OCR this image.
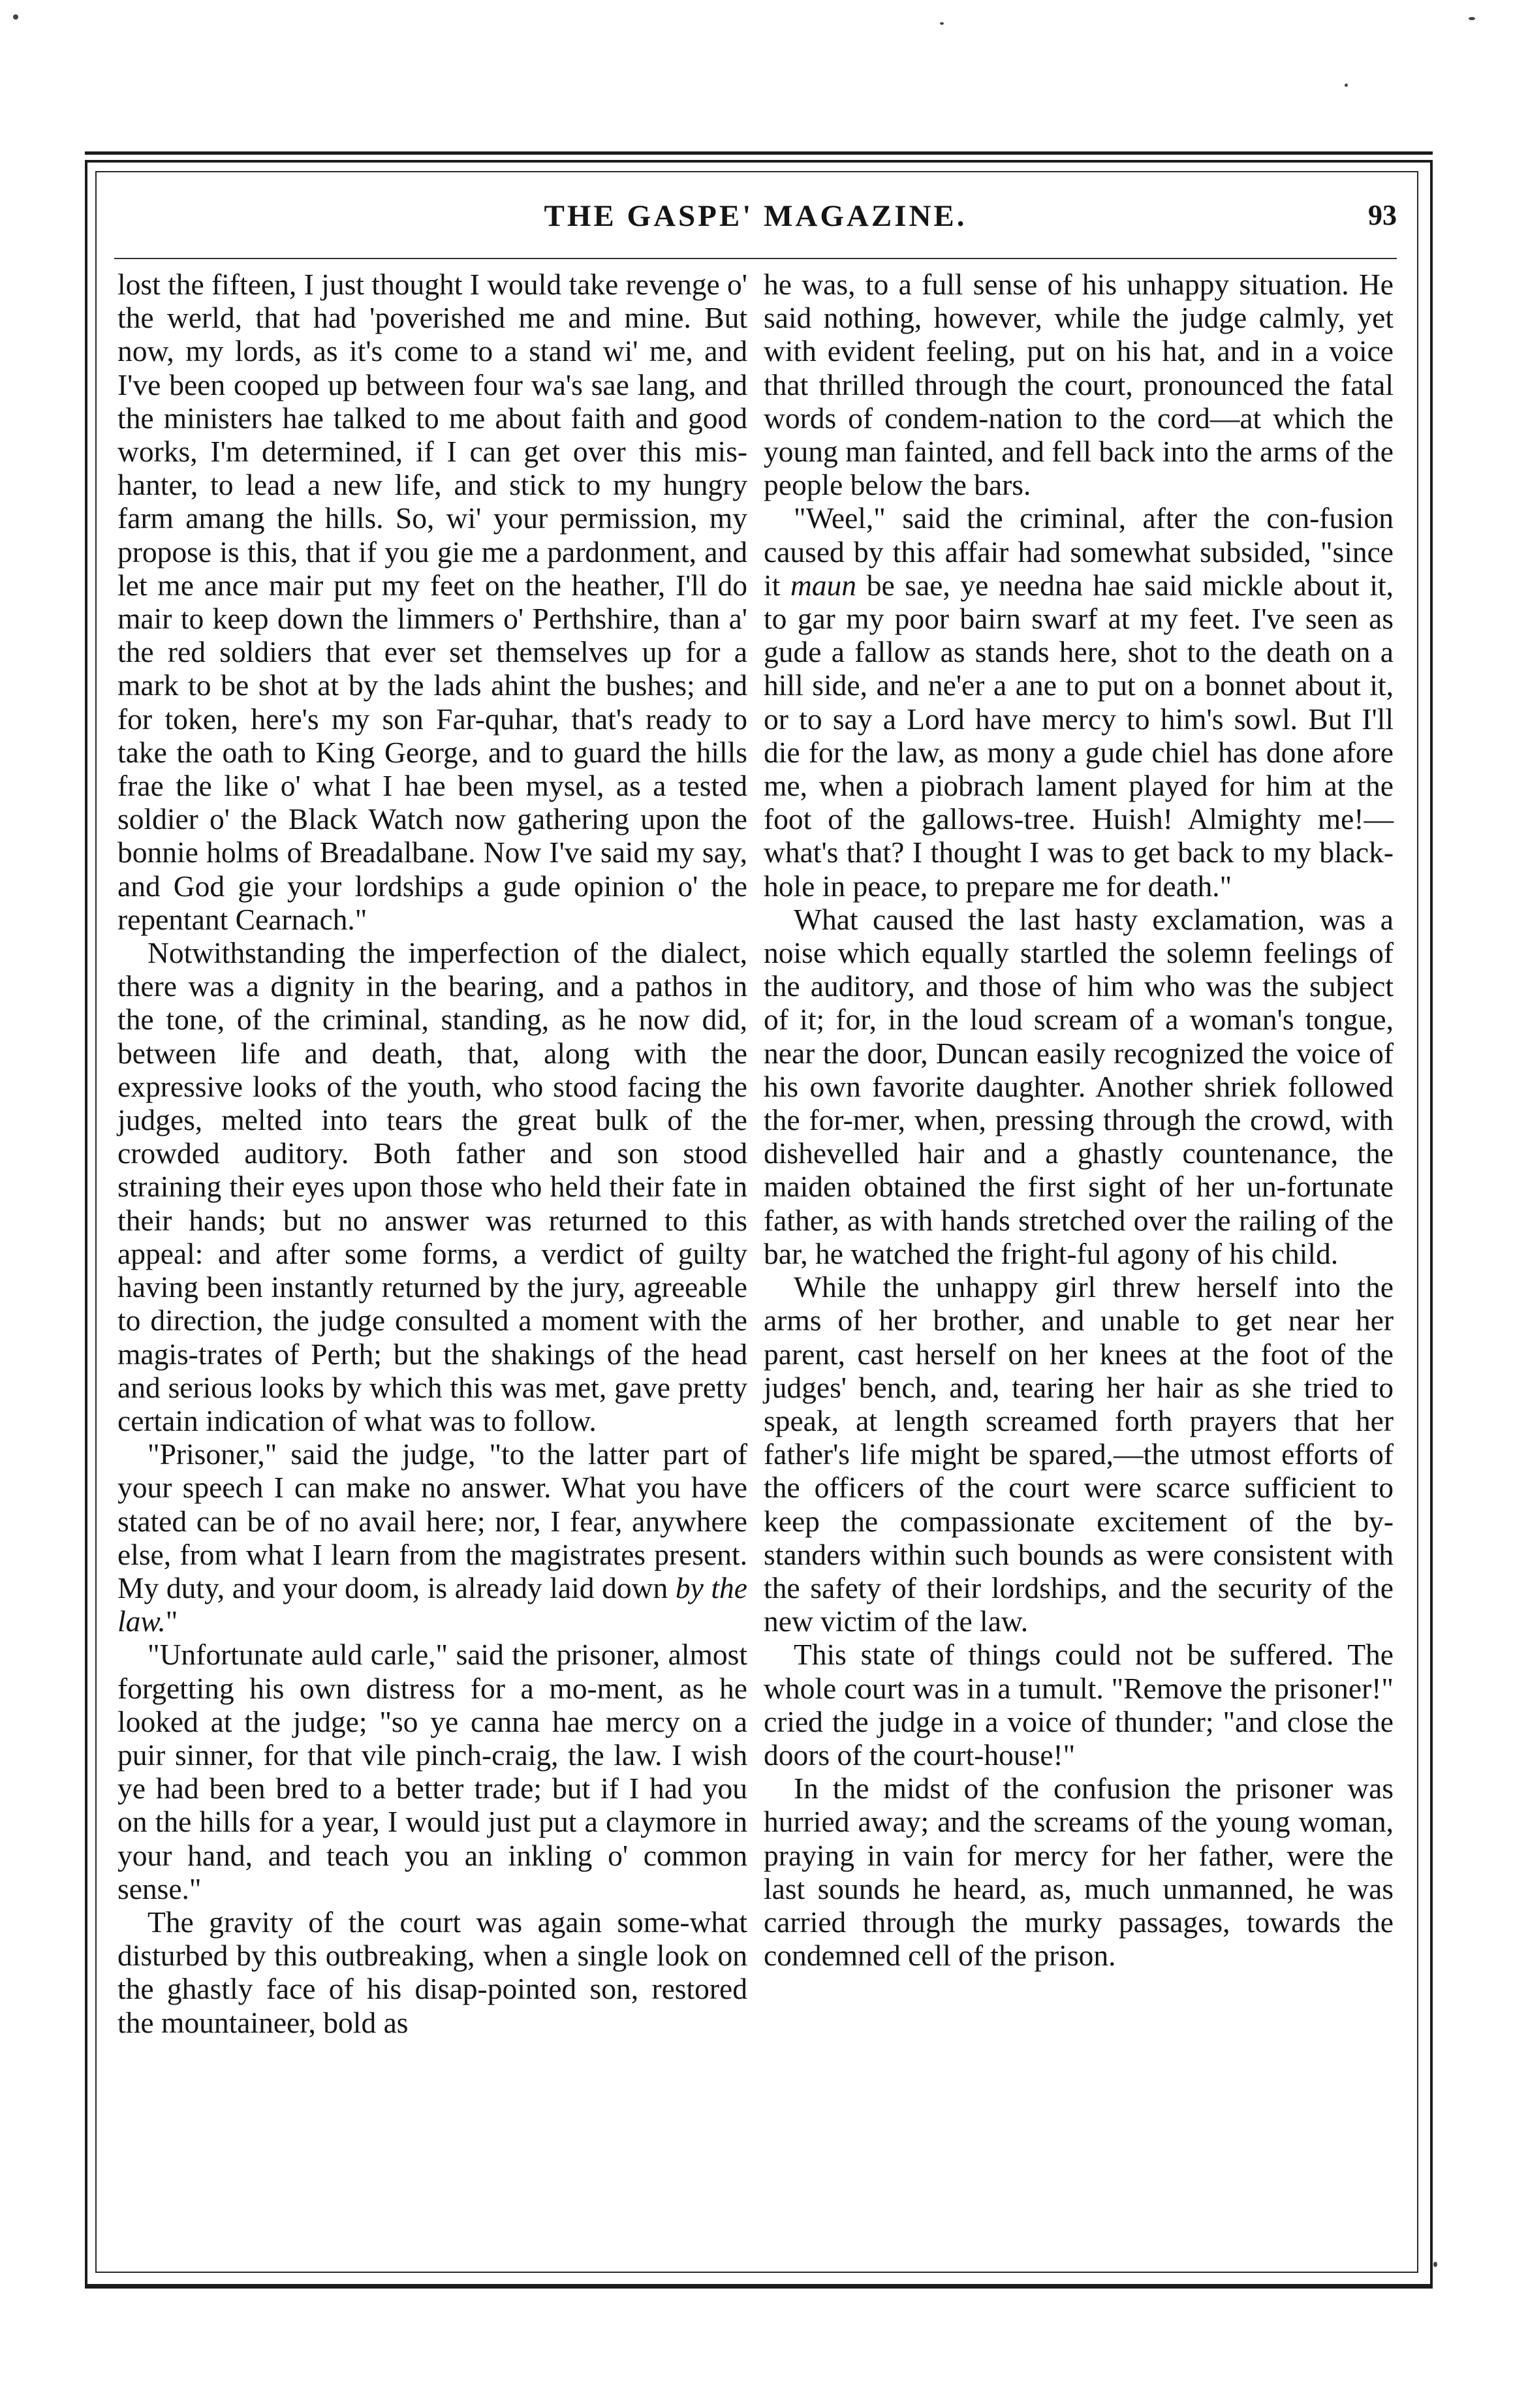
THE GASPE' MAGAZINE.	93

lost the fifteen, I just thought I would take revenge o' the werld, that had 'poverished me and mine. But now, my lords, as it's come to a stand wi' me, and I've been cooped up between four wa's sae lang, and the ministers hae talked to me about faith and good works, I'm determined, if I can get over this mis-hanter, to lead a new life, and stick to my hungry farm amang the hills. So, wi' your permission, my propose is this, that if you gie me a pardonment, and let me ance mair put my feet on the heather, I'll do mair to keep down the limmers o' Perthshire, than a' the red soldiers that ever set themselves up for a mark to be shot at by the lads ahint the bushes; and for token, here's my son Far-quhar, that's ready to take the oath to King George, and to guard the hills frae the like o' what I hae been mysel, as a tested soldier o' the Black Watch now gathering upon the bonnie holms of Breadalbane. Now I've said my say, and God gie your lordships a gude opinion o' the repentant Cearnach."

Notwithstanding the imperfection of the dialect, there was a dignity in the bearing, and a pathos in the tone, of the criminal, standing, as he now did, between life and death, that, along with the expressive looks of the youth, who stood facing the judges, melted into tears the great bulk of the crowded auditory. Both father and son stood straining their eyes upon those who held their fate in their hands; but no answer was returned to this appeal: and after some forms, a verdict of guilty having been instantly returned by the jury, agreeable to direction, the judge consulted a moment with the magis-trates of Perth; but the shakings of the head and serious looks by which this was met, gave pretty certain indication of what was to follow.

"Prisoner," said the judge, "to the latter part of your speech I can make no answer. What you have stated can be of no avail here; nor, I fear, anywhere else, from what I learn from the magistrates present. My duty, and your doom, is already laid down by the law."

"Unfortunate auld carle," said the prisoner, almost forgetting his own distress for a mo-ment, as he looked at the judge; "so ye canna hae mercy on a puir sinner, for that vile pinch-craig, the law. I wish ye had been bred to a better trade; but if I had you on the hills for a year, I would just put a claymore in your hand, and teach you an inkling o' common sense."

The gravity of the court was again some-what disturbed by this outbreaking, when a single look on the ghastly face of his disap-pointed son, restored the mountaineer, bold as

he was, to a full sense of his unhappy situation. He said nothing, however, while the judge calmly, yet with evident feeling, put on his hat, and in a voice that thrilled through the court, pronounced the fatal words of condem-nation to the cord—at which the young man fainted, and fell back into the arms of the people below the bars.

"Weel," said the criminal, after the con-fusion caused by this affair had somewhat subsided, "since it maun be sae, ye needna hae said mickle about it, to gar my poor bairn swarf at my feet. I've seen as gude a fallow as stands here, shot to the death on a hill side, and ne'er a ane to put on a bonnet about it, or to say a Lord have mercy to him's sowl. But I'll die for the law, as mony a gude chiel has done afore me, when a piobrach lament played for him at the foot of the gallows-tree. Huish! Almighty me!—what's that? I thought I was to get back to my black-hole in peace, to prepare me for death."

What caused the last hasty exclamation, was a noise which equally startled the solemn feelings of the auditory, and those of him who was the subject of it; for, in the loud scream of a woman's tongue, near the door, Duncan easily recognized the voice of his own favorite daughter. Another shriek followed the for-mer, when, pressing through the crowd, with dishevelled hair and a ghastly countenance, the maiden obtained the first sight of her un-fortunate father, as with hands stretched over the railing of the bar, he watched the fright-ful agony of his child.

While the unhappy girl threw herself into the arms of her brother, and unable to get near her parent, cast herself on her knees at the foot of the judges' bench, and, tearing her hair as she tried to speak, at length screamed forth prayers that her father's life might be spared,—the utmost efforts of the officers of the court were scarce sufficient to keep the compassionate excitement of the by-standers within such bounds as were consistent with the safety of their lordships, and the security of the new victim of the law.

This state of things could not be suffered. The whole court was in a tumult. "Remove the prisoner!" cried the judge in a voice of thunder; "and close the doors of the court-house!"

In the midst of the confusion the prisoner was hurried away; and the screams of the young woman, praying in vain for mercy for her father, were the last sounds he heard, as, much unmanned, he was carried through the murky passages, towards the condemned cell of the prison.
